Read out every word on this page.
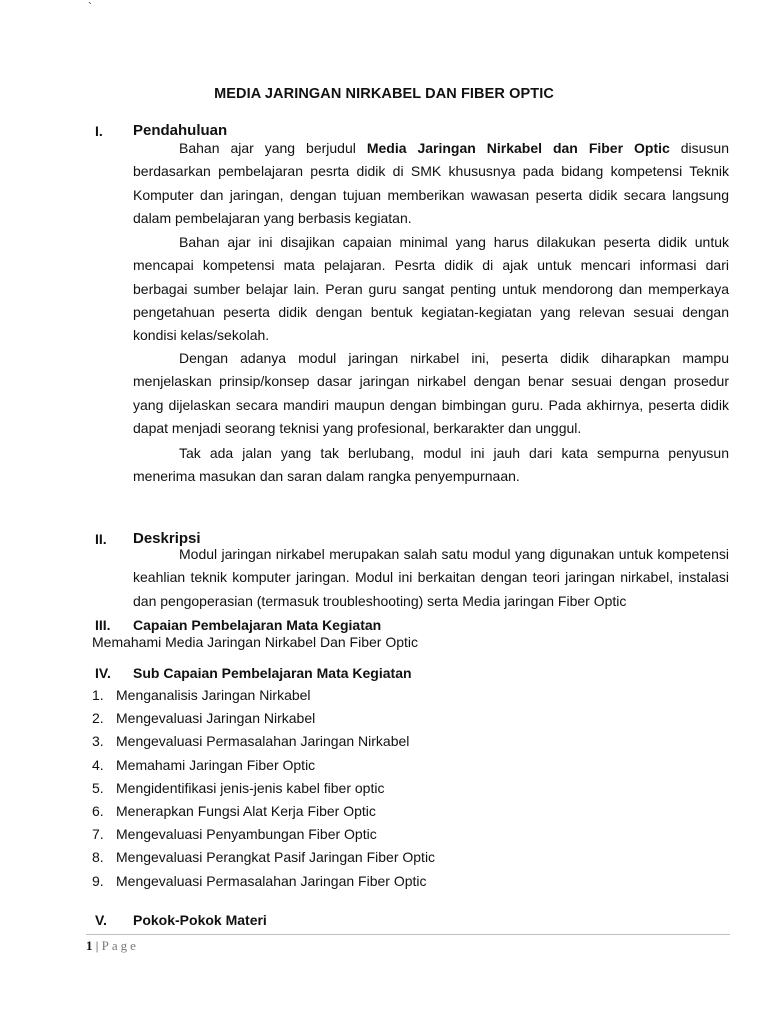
`
MEDIA JARINGAN NIRKABEL DAN FIBER OPTIC
I. Pendahuluan

Bahan ajar yang berjudul Media Jaringan Nirkabel dan Fiber Optic disusun berdasarkan pembelajaran pesrta didik di SMK khususnya pada bidang kompetensi Teknik Komputer dan jaringan, dengan tujuan memberikan wawasan peserta didik secara langsung dalam pembelajaran yang berbasis kegiatan.

Bahan ajar ini disajikan capaian minimal yang harus dilakukan peserta didik untuk mencapai kompetensi mata pelajaran. Pesrta didik di ajak untuk mencari informasi dari berbagai sumber belajar lain. Peran guru sangat penting untuk mendorong dan memperkaya pengetahuan peserta didik dengan bentuk kegiatan-kegiatan yang relevan sesuai dengan kondisi kelas/sekolah.

Dengan adanya modul jaringan nirkabel ini, peserta didik diharapkan mampu menjelaskan prinsip/konsep dasar jaringan nirkabel dengan benar sesuai dengan prosedur yang dijelaskan secara mandiri maupun dengan bimbingan guru. Pada akhirnya, peserta didik dapat menjadi seorang teknisi yang profesional, berkarakter dan unggul.

Tak ada jalan yang tak berlubang, modul ini jauh dari kata sempurna penyusun menerima masukan dan saran dalam rangka penyempurnaan.

II. Deskripsi

Modul jaringan nirkabel merupakan salah satu modul yang digunakan untuk kompetensi keahlian teknik komputer jaringan. Modul ini berkaitan dengan teori jaringan nirkabel, instalasi dan pengoperasian (termasuk troubleshooting) serta Media jaringan Fiber Optic

III. Capaian Pembelajaran Mata Kegiatan
Memahami Media Jaringan Nirkabel Dan Fiber Optic
IV. Sub Capaian Pembelajaran Mata Kegiatan
1. Menganalisis Jaringan Nirkabel
2. Mengevaluasi Jaringan Nirkabel
3. Mengevaluasi Permasalahan Jaringan Nirkabel
4. Memahami Jaringan Fiber Optic
5. Mengidentifikasi jenis-jenis kabel fiber optic
6. Menerapkan Fungsi Alat Kerja Fiber Optic
7. Mengevaluasi Penyambungan Fiber Optic
8. Mengevaluasi Perangkat Pasif Jaringan Fiber Optic
9. Mengevaluasi Permasalahan Jaringan Fiber Optic
V. Pokok-Pokok Materi
1 | Page
